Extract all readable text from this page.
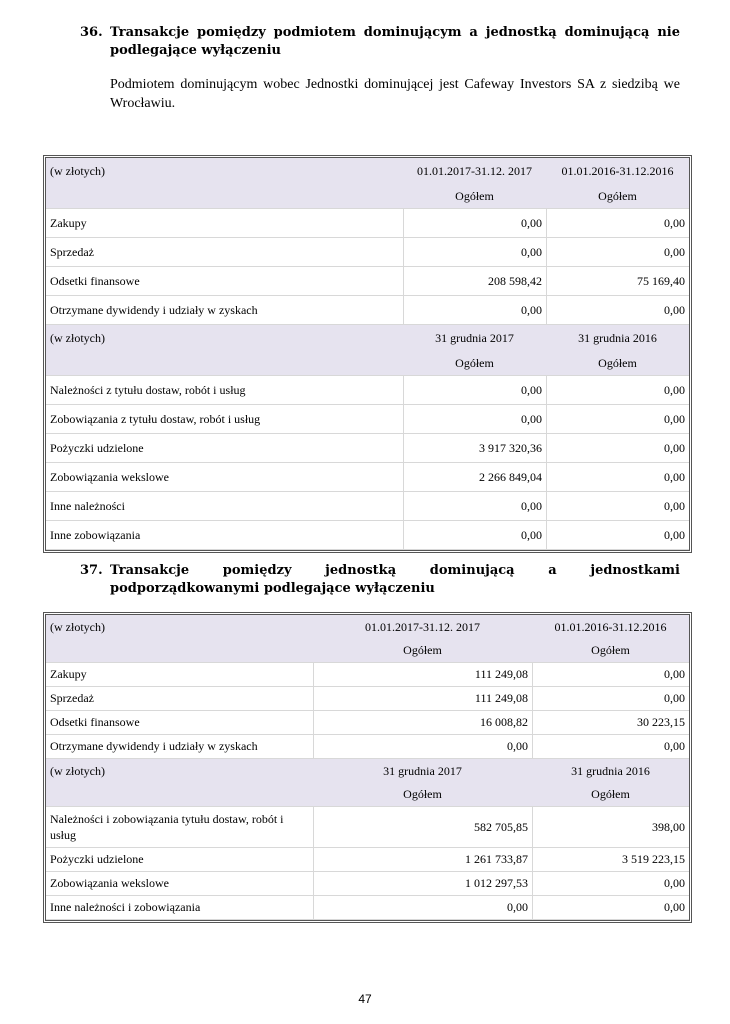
36. Transakcje pomiędzy podmiotem dominującym a jednostką dominującą nie podlegające wyłączeniu
Podmiotem dominującym wobec Jednostki dominującej jest Cafeway Investors SA z siedzibą we Wrocławiu.
(w złotych)	01.01.2017-31.12. 2017	01.01.2016-31.12.2016
	Ogółem	Ogółem
Zakupy	0,00	0,00
Sprzedaż	0,00	0,00
Odsetki finansowe	208 598,42	75 169,40
Otrzymane dywidendy i udziały w zyskach	0,00	0,00
(w złotych)	31 grudnia 2017	31 grudnia 2016
	Ogółem	Ogółem
Należności z tytułu dostaw, robót i usług	0,00	0,00
Zobowiązania z tytułu dostaw, robót i usług	0,00	0,00
Pożyczki udzielone	3 917 320,36	0,00
Zobowiązania wekslowe	2 266 849,04	0,00
Inne należności	0,00	0,00
Inne zobowiązania	0,00	0,00
37. Transakcje pomiędzy jednostką dominującą a jednostkami podporządkowanymi podlegające wyłączeniu
(w złotych)	01.01.2017-31.12. 2017	01.01.2016-31.12.2016
	Ogółem	Ogółem
Zakupy	111 249,08	0,00
Sprzedaż	111 249,08	0,00
Odsetki finansowe	16 008,82	30 223,15
Otrzymane dywidendy i udziały w zyskach	0,00	0,00
(w złotych)	31 grudnia 2017	31 grudnia 2016
	Ogółem	Ogółem
Należności i zobowiązania tytułu dostaw, robót i usług	582 705,85	398,00
Pożyczki udzielone	1 261 733,87	3 519 223,15
Zobowiązania wekslowe	1 012 297,53	0,00
Inne należności i zobowiązania	0,00	0,00
47
